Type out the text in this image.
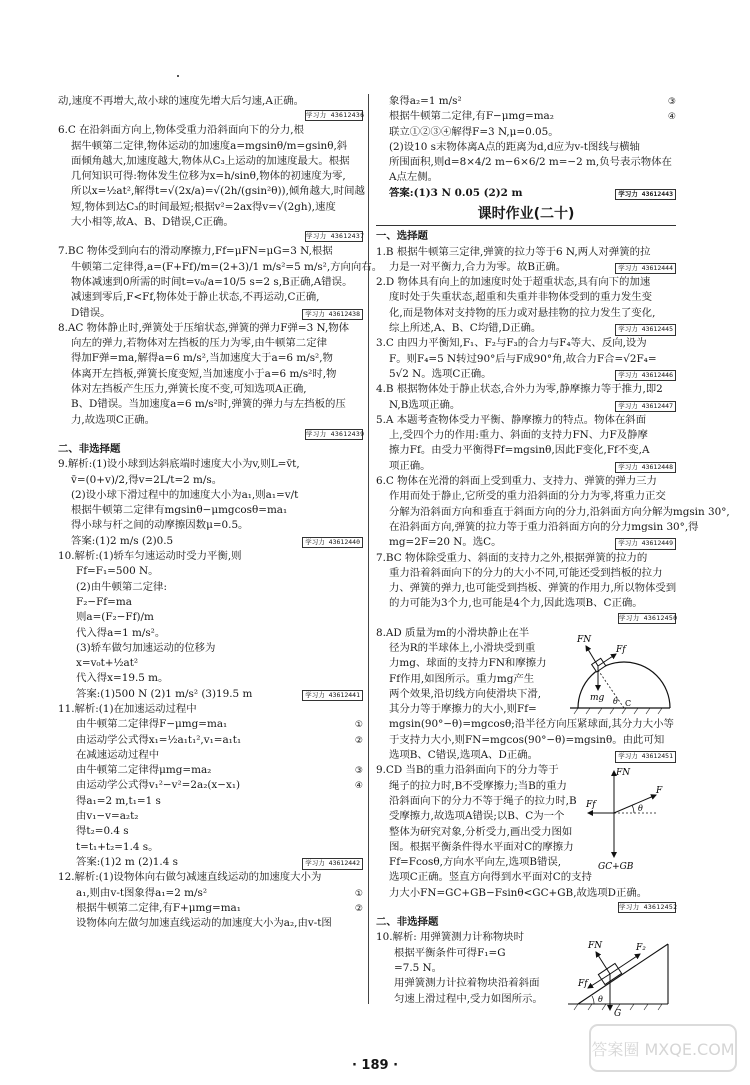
动,速度不再增大,故小球的速度先增大后匀速,A正确。
学习力 43612436
6.C 在沿斜面方向上,物体受重力沿斜面向下的分力,根
据牛顿第二定律,物体运动的加速度a=mgsinθ/m=gsinθ,斜
面倾角越大,加速度越大,物体从C₃上运动的加速度最大。根据
几何知识可得:物体发生位移为x=h/sinθ,物体的初速度为零,
所以x=½at²,解得t=√(2x/a)=√(2h/(gsin²θ)),倾角越大,时间越
短,物体到达C₃的时间最短;根据v²=2ax得v=√(2gh),速度
大小相等,故A、B、D错误,C正确。
学习力 43612437
7.BC 物体受到向右的滑动摩擦力,Ff=μFN=μG=3 N,根据
牛顿第二定律得,a=(F+Ff)/m=(2+3)/1 m/s²=5 m/s²,方向向右。
物体减速到0所需的时间t=v₀/a=10/5 s=2 s,B正确,A错误。
减速到零后,F<Ff,物体处于静止状态,不再运动,C正确,
D错误。	学习力 43612438
8.AC 物体静止时,弹簧处于压缩状态,弹簧的弹力F弹=3 N,物体
向左的弹力,若物体对左挡板的压力为零,由牛顿第二定律
得加F弹=ma,解得a=6 m/s²,当加速度大于a=6 m/s²,物
体离开左挡板,弹簧长度变短,当加速度小于a=6 m/s²时,物
体对左挡板产生压力,弹簧长度不变,可知选项A正确,
B、D错误。当加速度a=6 m/s²时,弹簧的弹力与左挡板的压
力,故选项C正确。
学习力 43612439
二、非选择题
9.解析:(1)设小球到达斜底端时速度大小为v,则L=v̄t,
v̄=(0+v)/2,得v=2L/t=2 m/s。
(2)设小球下滑过程中的加速度大小为a₁,则a₁=v/t
根据牛顿第二定律有mgsinθ−μmgcosθ=ma₁
得小球与杆之间的动摩擦因数μ=0.5。
答案:(1)2 m/s (2)0.5	学习力 43612440
10.解析:(1)轿车匀速运动时受力平衡,则
Ff=F₁=500 N。
(2)由牛顿第二定律:
F₂−Ff=ma
则a=(F₂−Ff)/m
代入得a=1 m/s²。
(3)轿车做匀加速运动的位移为
x=v₀t+½at²
代入得x=19.5 m。
答案:(1)500 N (2)1 m/s² (3)19.5 m	学习力 43612441
11.解析:(1)在加速运动过程中
由牛顿第二定律得F−μmg=ma₁	①
由运动学公式得x₁=½a₁t₁²,v₁=a₁t₁	②
在减速运动过程中
由牛顿第二定律得μmg=ma₂	③
由运动学公式得v₁²−v²=2a₂(x−x₁)	④
得a₁=2 m,t₁=1 s
由v₁−v=a₂t₂
得t₂=0.4 s
t=t₁+t₂=1.4 s。
答案:(1)2 m (2)1.4 s	学习力 43612442
12.解析:(1)设物体向右做匀减速直线运动的加速度大小为
a₁,则由v-t图象得a₁=2 m/s²	①
根据牛顿第二定律,有F+μmg=ma₁	②
设物体向左做匀加速直线运动的加速度大小为a₂,由v-t图
象得a₂=1 m/s²	③
根据牛顿第二定律,有F−μmg=ma₂	④
联立①②③④解得F=3 N,μ=0.05。
(2)设10 s末物体离A点的距离为d,d应为v-t图线与横轴
所围面积,则d=8×4/2 m−6×6/2 m=−2 m,负号表示物体在
A点左侧。
答案:(1)3 N 0.05 (2)2 m	学习力 43612443
课时作业(二十)
一、选择题
1.B 根据牛顿第三定律,弹簧的拉力等于6 N,两人对弹簧的拉
力是一对平衡力,合力为零。故B正确。	学习力 43612444
2.D 物体具有向上的加速度时处于超重状态,具有向下的加速
度时处于失重状态,超重和失重并非物体受到的重力发生变
化,而是物体对支持物的压力或对悬挂物的拉力发生了变化,
综上所述,A、B、C均错,D正确。	学习力 43612445
3.C 由四力平衡知,F₁、F₂与F₃的合力与F₄等大、反向,设为
F。则F₄=5 N转过90°后与F成90°角,故合力F合=√2F₄=
5√2 N。选项C正确。	学习力 43612446
4.B 根据物体处于静止状态,合外力为零,静摩擦力等于推力,即2
N,B选项正确。	学习力 43612447
5.A 本题考查物体受力平衡、静摩擦力的特点。物体在斜面
上,受四个力的作用:重力、斜面的支持力FN、力F及静摩
擦力Ff。由受力平衡得Ff=mgsinθ,因此F变化,Ff不变,A
项正确。	学习力 43612448
6.C 物体在光滑的斜面上受到重力、支持力、弹簧的弹力三力
作用而处于静止,它所受的重力沿斜面的分力为零,将重力正交
分解为沿斜面方向和垂直于斜面方向的分力,沿斜面方向分解为mgsin 30°,
在沿斜面方向,弹簧的拉力等于重力沿斜面方向的分力mgsin 30°,得
mg=2F=20 N。选C。	学习力 43612449
7.BC 物体除受重力、斜面的支持力之外,根据弹簧的拉力的
重力沿着斜面向下的分力的大小不同,可能还受到挡板的拉力
力、弹簧的弹力,也可能受到挡板、弹簧的作用力,所以物体受到
的力可能为3个力,也可能是4个力,因此选项B、C正确。
学习力 43612450
8.AD 质量为m的小滑块静止在半
径为R的半球体上,小滑块受到重
力mg、球面的支持力FN和摩擦力
Ff作用,如图所示。重力mg产生
两个效果,沿切线方向使滑块下滑,
其分力等于摩擦力的大小,则Ff=
FN
Ff
mg θ C
mgsin(90°−θ)=mgcosθ;沿半径方向压紧球面,其分力大小等
于支持力大小,则FN=mgcos(90°−θ)=mgsinθ。由此可知
选项B、C错误,选项A、D正确。	学习力 43612451
9.CD 当B的重力沿斜面向下的分力等于
绳子的拉力时,B不受摩擦力;当B的重力
沿斜面向下的分力不等于绳子的拉力时,B
受摩擦力,故选项A错误;以B、C为一个
整体为研究对象,分析受力,画出受力图如
图。根据平衡条件得水平面对C的摩擦力
Ff=Fcosθ,方向水平向左,选项B错误,
选项C正确。竖直方向得到水平面对C的支持
力大小FN=GC+GB−Fsinθ<GC+GB,故选项D正确。
FN
F
Ff	θ
GC+GB
学习力 43612452
二、非选择题
10.解析: 用弹簧测力计称物块时
根据平衡条件可得F₁=G
=7.5 N。
用弹簧测力计拉着物块沿着斜面
匀速上滑过程中,受力如图所示。
FN	F₂
Ff
θ
G
· 189 ·
答案圈 MXQE.COM
